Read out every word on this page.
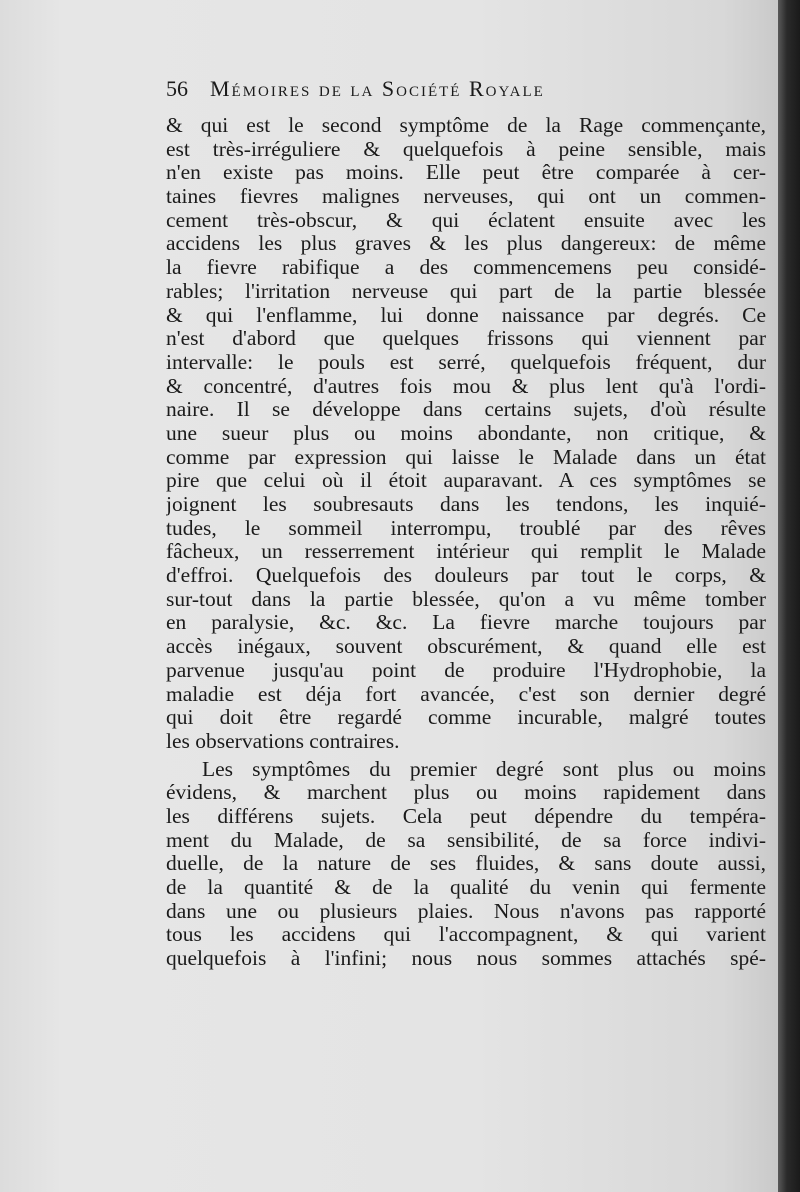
56 Mémoires de la Société Royale
& qui est le second symptôme de la Rage commençante,
est très-irréguliere & quelquefois à peine sensible, mais
n'en existe pas moins. Elle peut être comparée à cer-
taines fievres malignes nerveuses, qui ont un commen-
cement très-obscur, & qui éclatent ensuite avec les
accidens les plus graves & les plus dangereux: de même
la fievre rabifique a des commencemens peu considé-
rables; l'irritation nerveuse qui part de la partie blessée
& qui l'enflamme, lui donne naissance par degrés. Ce
n'est d'abord que quelques frissons qui viennent par
intervalle: le pouls est serré, quelquefois fréquent, dur
& concentré, d'autres fois mou & plus lent qu'à l'ordi-
naire. Il se développe dans certains sujets, d'où résulte
une sueur plus ou moins abondante, non critique, &
comme par expression qui laisse le Malade dans un état
pire que celui où il étoit auparavant. A ces symptômes se
joignent les soubresauts dans les tendons, les inquié-
tudes, le sommeil interrompu, troublé par des rêves
fâcheux, un resserrement intérieur qui remplit le Malade
d'effroi. Quelquefois des douleurs par tout le corps, &
sur-tout dans la partie blessée, qu'on a vu même tomber
en paralysie, &c. &c. La fievre marche toujours par
accès inégaux, souvent obscurément, & quand elle est
parvenue jusqu'au point de produire l'Hydrophobie, la
maladie est déja fort avancée, c'est son dernier degré
qui doit être regardé comme incurable, malgré toutes
les observations contraires.
Les symptômes du premier degré sont plus ou moins
évidens, & marchent plus ou moins rapidement dans
les différens sujets. Cela peut dépendre du tempéra-
ment du Malade, de sa sensibilité, de sa force indivi-
duelle, de la nature de ses fluides, & sans doute aussi,
de la quantité & de la qualité du venin qui fermente
dans une ou plusieurs plaies. Nous n'avons pas rapporté
tous les accidens qui l'accompagnent, & qui varient
quelquefois à l'infini; nous nous sommes attachés spé-
